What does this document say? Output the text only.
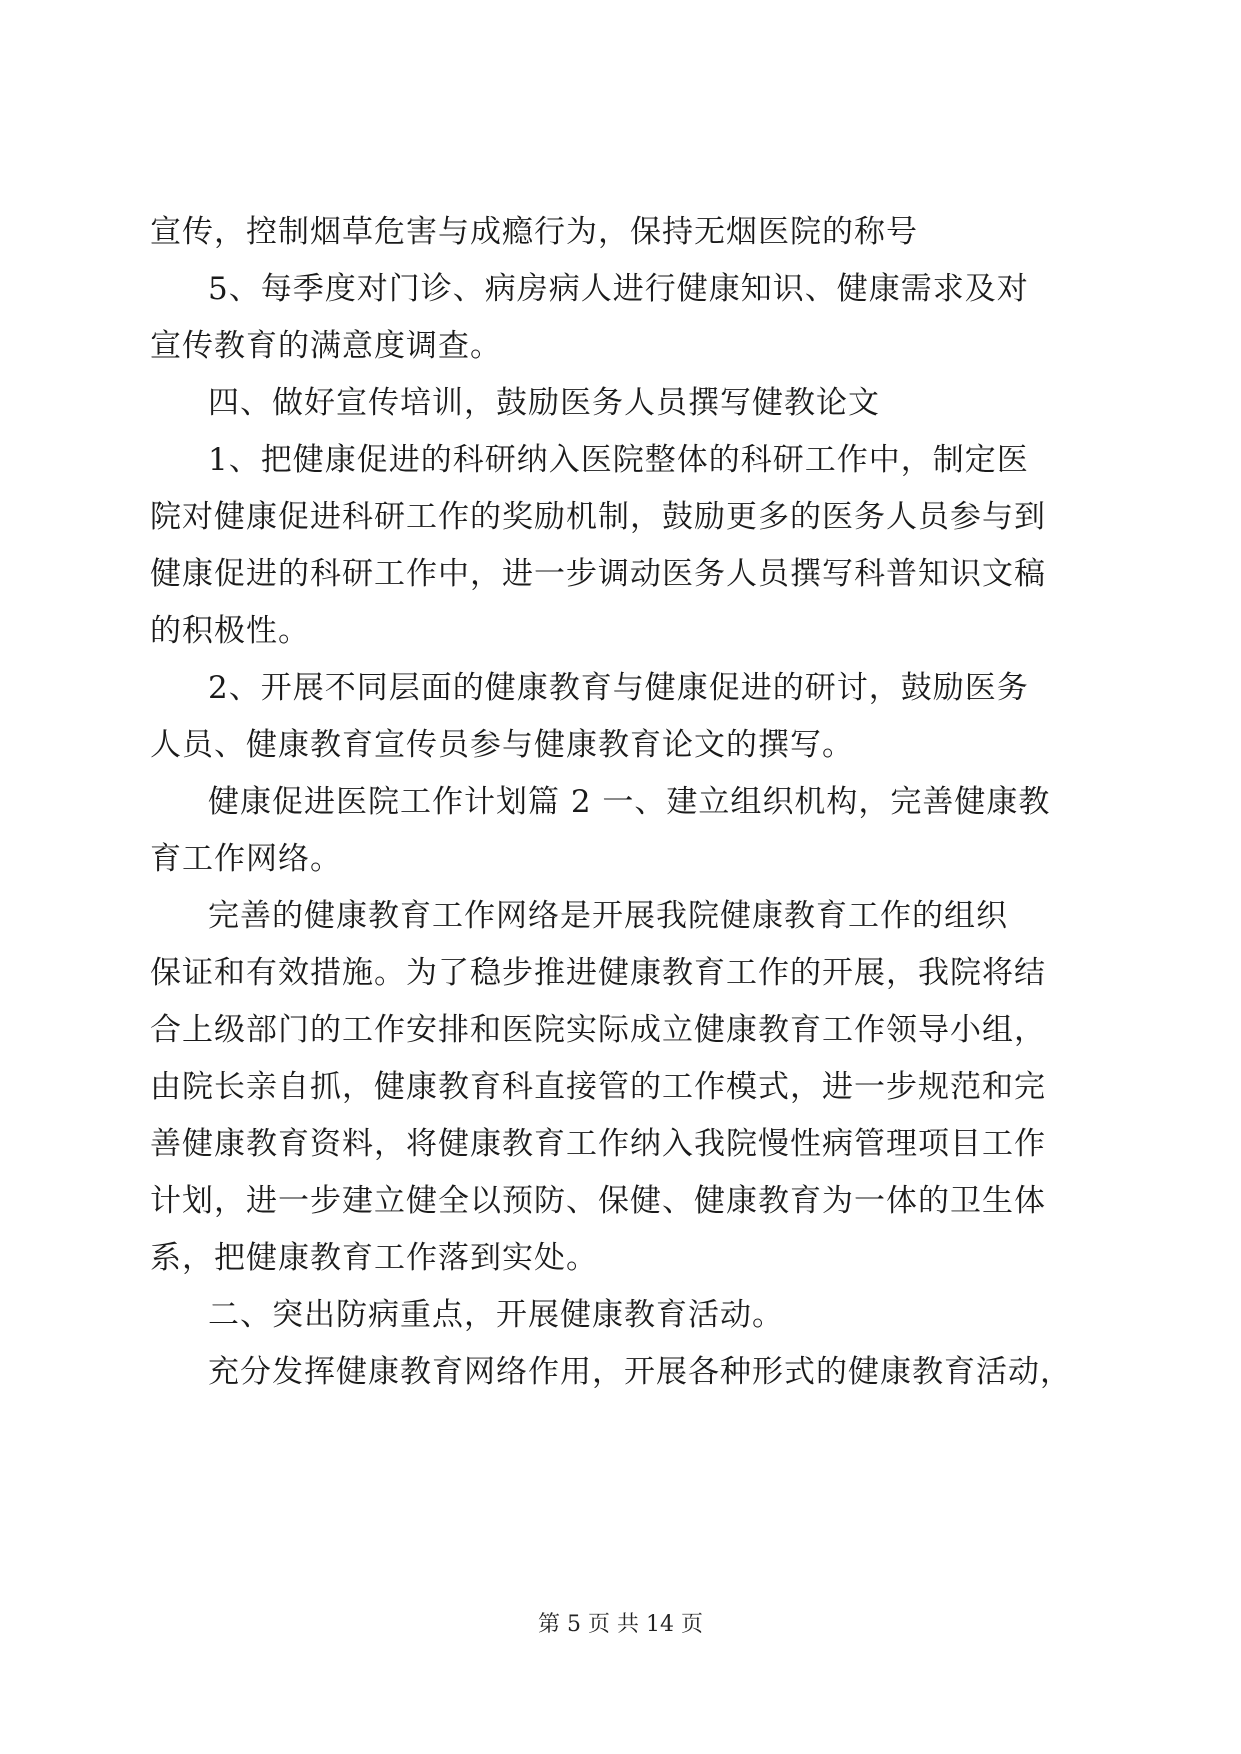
宣传，控制烟草危害与成瘾行为，保持无烟医院的称号
5、每季度对门诊、病房病人进行健康知识、健康需求及对
宣传教育的满意度调查。
四、做好宣传培训，鼓励医务人员撰写健教论文
1、把健康促进的科研纳入医院整体的科研工作中，制定医
院对健康促进科研工作的奖励机制，鼓励更多的医务人员参与到
健康促进的科研工作中，进一步调动医务人员撰写科普知识文稿
的积极性。
2、开展不同层面的健康教育与健康促进的研讨，鼓励医务
人员、健康教育宣传员参与健康教育论文的撰写。
健康促进医院工作计划篇 2 一、建立组织机构，完善健康教
育工作网络。
完善的健康教育工作网络是开展我院健康教育工作的组织
保证和有效措施。为了稳步推进健康教育工作的开展，我院将结
合上级部门的工作安排和医院实际成立健康教育工作领导小组，
由院长亲自抓，健康教育科直接管的工作模式，进一步规范和完
善健康教育资料，将健康教育工作纳入我院慢性病管理项目工作
计划，进一步建立健全以预防、保健、健康教育为一体的卫生体
系，把健康教育工作落到实处。
二、突出防病重点，开展健康教育活动。
充分发挥健康教育网络作用，开展各种形式的健康教育活动，
第 5 页 共 14 页
